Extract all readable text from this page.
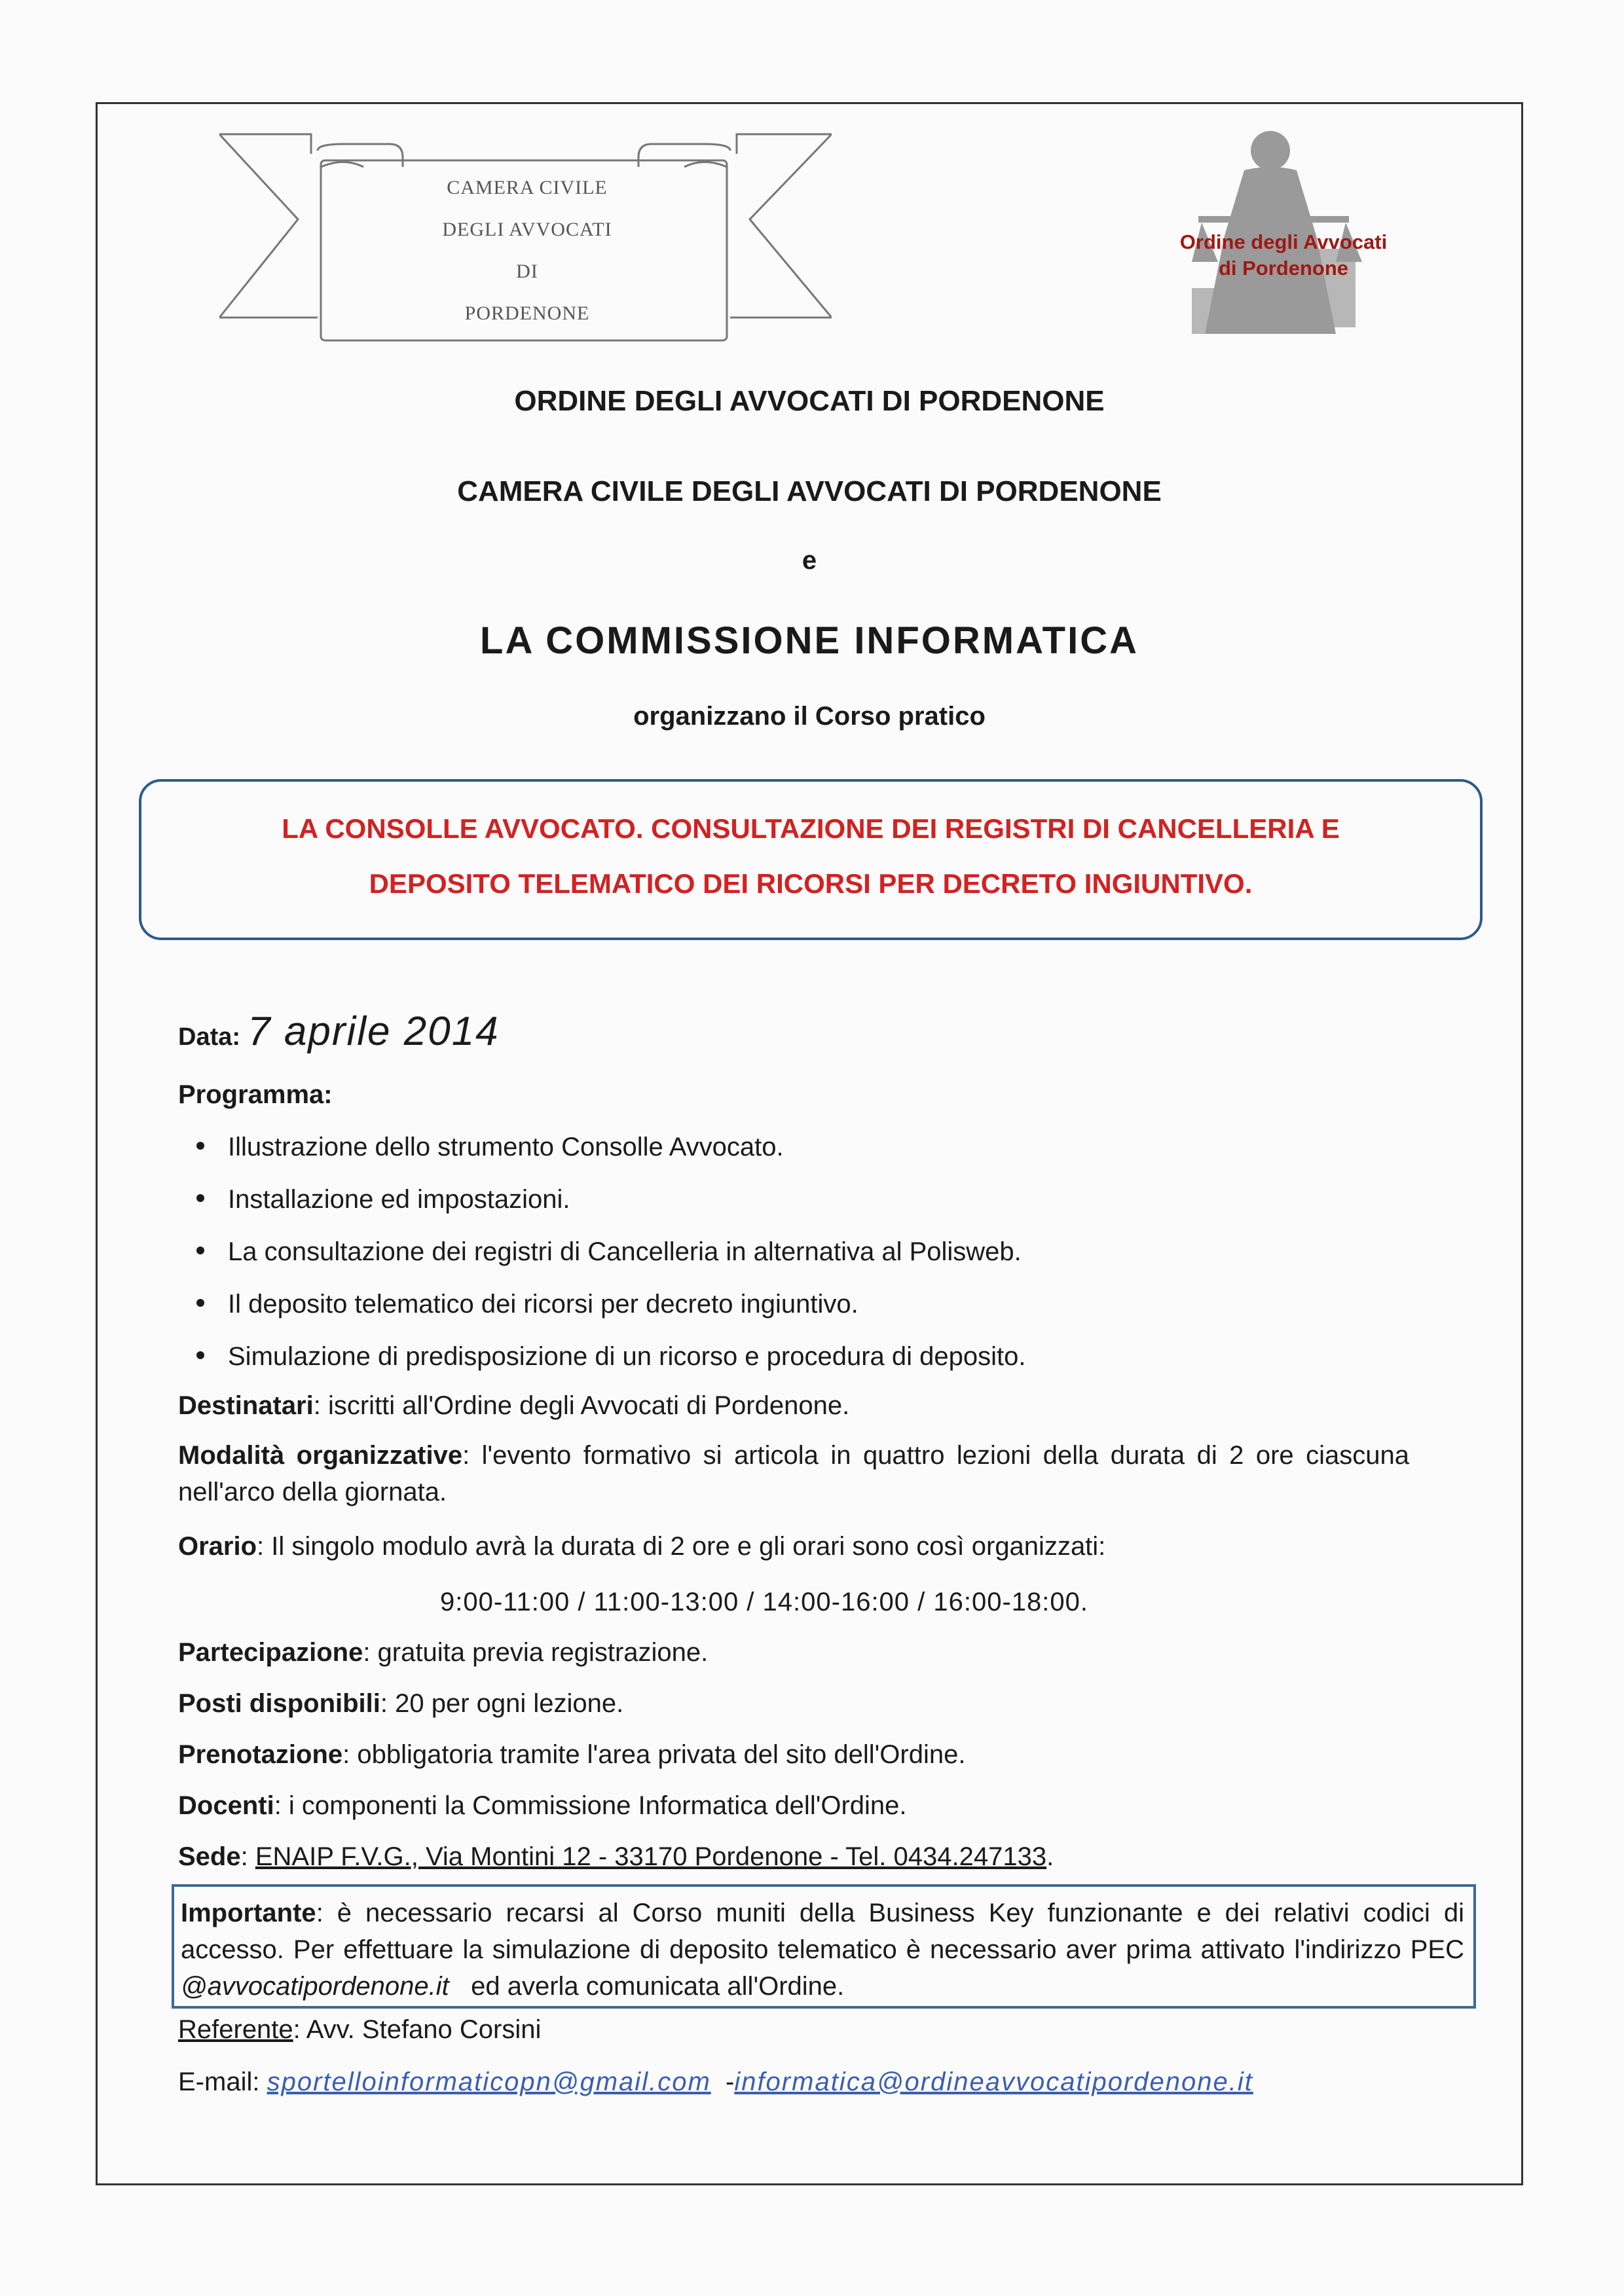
CAMERA CIVILE
DEGLI AVVOCATI
DI
PORDENONE
Ordine degli Avvocati
di Pordenone
ORDINE DEGLI AVVOCATI DI PORDENONE
CAMERA CIVILE DEGLI AVVOCATI DI PORDENONE
e
LA COMMISSIONE INFORMATICA
organizzano il Corso pratico
LA CONSOLLE AVVOCATO. CONSULTAZIONE DEI REGISTRI DI CANCELLERIA E
DEPOSITO TELEMATICO DEI RICORSI PER DECRETO INGIUNTIVO.
Data: 7 aprile 2014
Programma:
Illustrazione dello strumento Consolle Avvocato.
Installazione ed impostazioni.
La consultazione dei registri di Cancelleria in alternativa al Polisweb.
Il deposito telematico dei ricorsi per decreto ingiuntivo.
Simulazione di predisposizione di un ricorso e procedura di deposito.
Destinatari: iscritti all'Ordine degli Avvocati di Pordenone.
Modalità organizzative: l'evento formativo si articola in quattro lezioni della durata di 2 ore ciascuna nell'arco della giornata.
Orario: Il singolo modulo avrà la durata di 2 ore e gli orari sono così organizzati:
9:00-11:00 / 11:00-13:00 / 14:00-16:00 / 16:00-18:00.
Partecipazione: gratuita previa registrazione.
Posti disponibili: 20 per ogni lezione.
Prenotazione: obbligatoria tramite l'area privata del sito dell'Ordine.
Docenti: i componenti la Commissione Informatica dell'Ordine.
Sede: ENAIP F.V.G., Via Montini 12 - 33170 Pordenone - Tel. 0434.247133.
Importante: è necessario recarsi al Corso muniti della Business Key funzionante e dei relativi codici di accesso. Per effettuare la simulazione di deposito telematico è necessario aver prima attivato l'indirizzo PEC @avvocatipordenone.it   ed averla comunicata all'Ordine.
Referente: Avv. Stefano Corsini
E-mail: sportelloinformaticopn@gmail.com  -informatica@ordineavvocatipordenone.it
